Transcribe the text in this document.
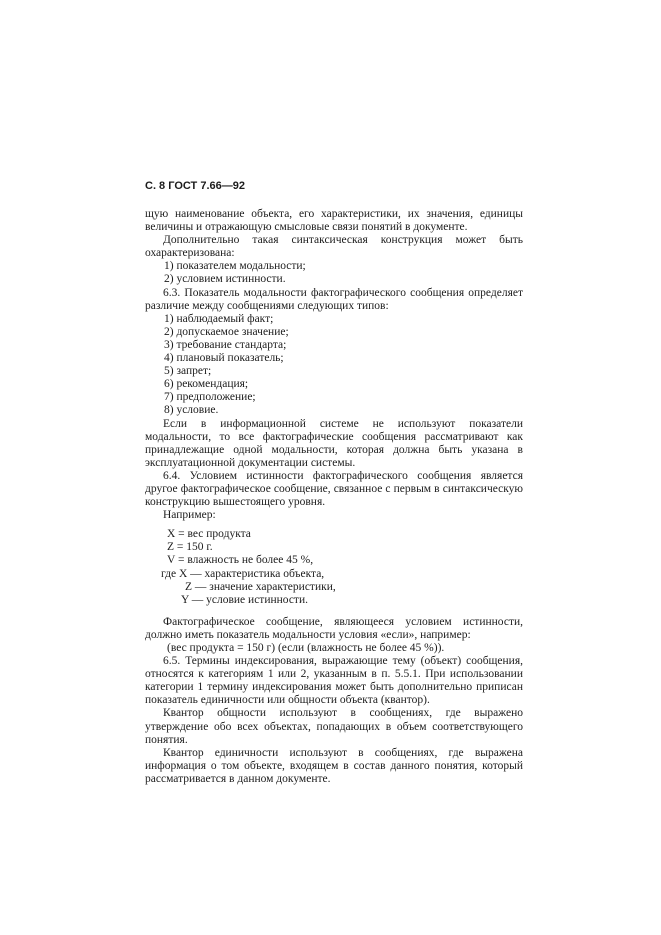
С. 8 ГОСТ 7.66—92

щую наименование объекта, его характеристики, их значения, единицы величины и отражающую смысловые связи понятий в документе.

Дополнительно такая синтаксическая конструкция может быть охарактеризована:

1) показателем модальности;

2) условием истинности.

6.3. Показатель модальности фактографического сообщения определяет различие между сообщениями следующих типов:

1) наблюдаемый факт;

2) допускаемое значение;

3) требование стандарта;

4) плановый показатель;

5) запрет;

6) рекомендация;

7) предположение;

8) условие.

Если в информационной системе не используют показатели модальности, то все фактографические сообщения рассматривают как принадлежащие одной модальности, которая должна быть указана в эксплуатационной документации системы.

6.4. Условием истинности фактографического сообщения является другое фактографическое сообщение, связанное с первым в синтаксическую конструкцию вышестоящего уровня.

Например:

X = вес продукта

Z = 150 г.

V = влажность не более 45 %,

где X — характеристика объекта,

Z — значение характеристики,

Y — условие истинности.

Фактографическое сообщение, являющееся условием истинности, должно иметь показатель модальности условия «если», например:

(вес продукта = 150 г) (если (влажность не более 45 %)).

6.5. Термины индексирования, выражающие тему (объект) сообщения, относятся к категориям 1 или 2, указанным в п. 5.5.1. При использовании категории 1 термину индексирования может быть дополнительно приписан показатель единичности или общности объекта (квантор).

Квантор общности используют в сообщениях, где выражено утверждение обо всех объектах, попадающих в объем соответствующего понятия.

Квантор единичности используют в сообщениях, где выражена информация о том объекте, входящем в состав данного понятия, который рассматривается в данном документе.
